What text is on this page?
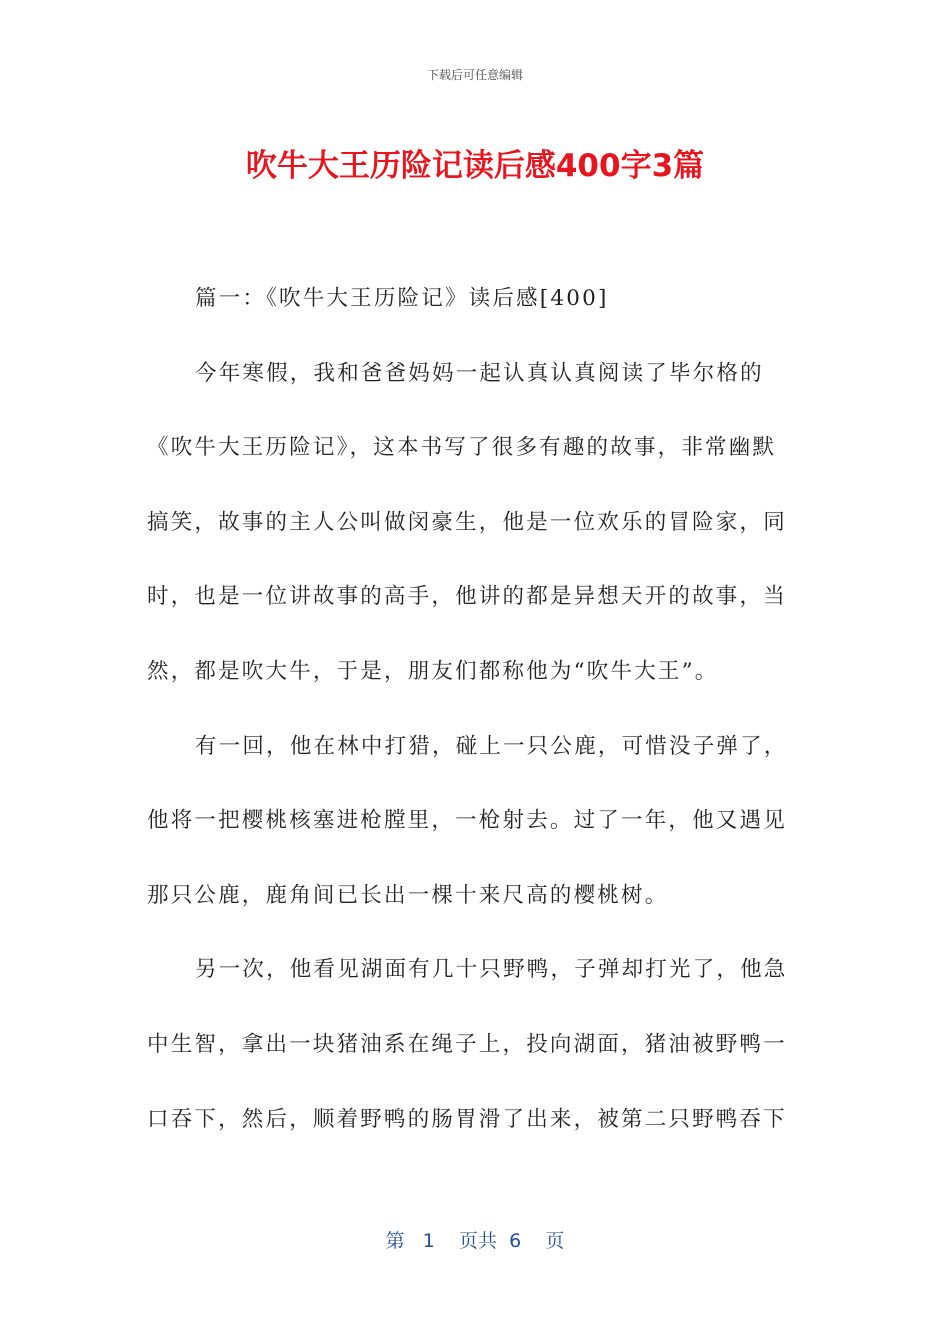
下载后可任意编辑
吹牛大王历险记读后感400字3篇

篇一：《吹牛大王历险记》读后感[400]

今年寒假，我和爸爸妈妈一起认真认真阅读了毕尔格的《吹牛大王历险记》，这本书写了很多有趣的故事，非常幽默搞笑，故事的主人公叫做闵豪生，他是一位欢乐的冒险家，同时，也是一位讲故事的高手，他讲的都是异想天开的故事，当然，都是吹大牛，于是，朋友们都称他为“吹牛大王”。

有一回，他在林中打猎，碰上一只公鹿，可惜没子弹了，他将一把樱桃核塞进枪膛里，一枪射去。过了一年，他又遇见那只公鹿，鹿角间已长出一棵十来尺高的樱桃树。

另一次，他看见湖面有几十只野鸭，子弹却打光了，他急中生智，拿出一块猪油系在绳子上，投向湖面，猪油被野鸭一口吞下，然后，顺着野鸭的肠胃滑了出来，被第二只野鸭吞下

第 1 页共 6 页
